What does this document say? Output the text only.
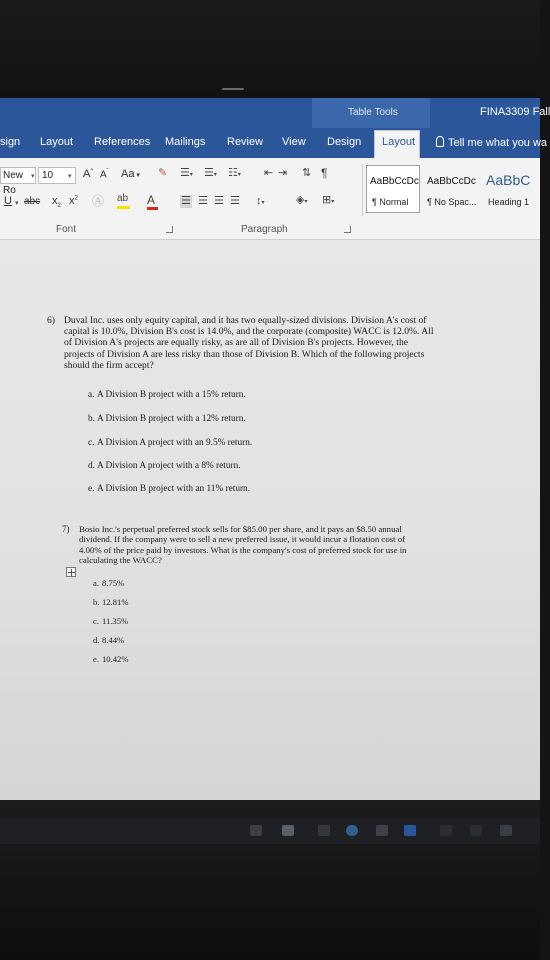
Table Tools	FINA3309 Fall
sign Layout References Mailings Review View Design Layout	Tell me what you wa
New Ro
▾ 10	▾ A^ $A^ˇ$ Aa ▾ ✎ ☰▾ ☰▾ ☷▾ ⇤ ⇥ ⇅ ¶
U ▾ abc $x_2$ $x^2$ Ⓐ ab A ☰ ☰ ☰ ☰ ↕▾	◈▾ ⊞▾
AaBbCcDc
¶ Normal
AaBbCcDc
¶ No Spac...
AaBbC
Heading 1
Font	Paragraph
6) Duval Inc. uses only equity capital, and it has two equally-sized divisions. Division A's cost of
capital is 10.0%, Division B's cost is 14.0%, and the corporate (composite) WACC is 12.0%. All
of Division A's projects are equally risky, as are all of Division B's projects. However, the
projects of Division A are less risky than those of Division B. Which of the following projects
should the firm accept?
a. A Division B project with a 15% return.
b. A Division B project with a 12% return.
c. A Division A project with an 9.5% return.
d. A Division A project with a 8% return.
e. A Division B project with an 11% return.
7) Bosio Inc.'s perpetual preferred stock sells for $85.00 per share, and it pays an $8.50 annual
dividend. If the company were to sell a new preferred issue, it would incur a flotation cost of
4.00% of the price paid by investors. What is the company's cost of preferred stock for use in
calculating the WACC?
a. 8.75%
b. 12.81%
c. 11.35%
d. 8.44%
e. 10.42%
